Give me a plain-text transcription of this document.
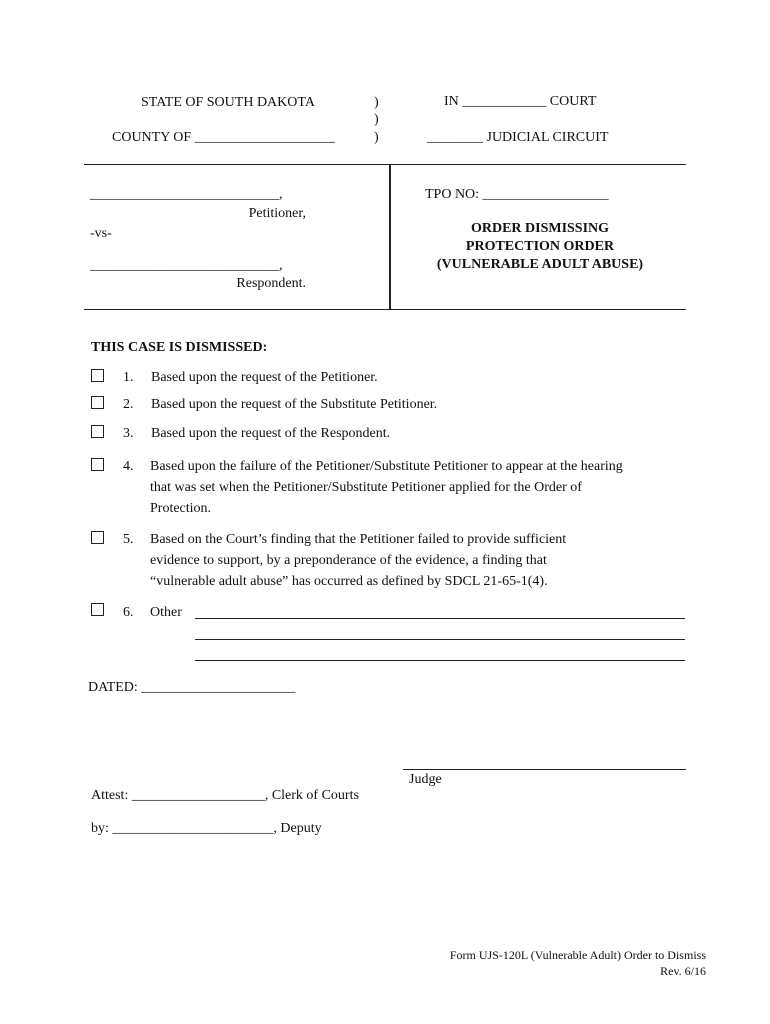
STATE OF SOUTH DAKOTA
COUNTY OF ____________________
)
)
)
IN ____________ COURT
________ JUDICIAL CIRCUIT
___________________________,
Petitioner,
-vs-
___________________________,
Respondent.
TPO NO: __________________
ORDER DISMISSING
PROTECTION ORDER
(VULNERABLE ADULT ABUSE)
THIS CASE IS DISMISSED:
1. Based upon the request of the Petitioner.
2. Based upon the request of the Substitute Petitioner.
3. Based upon the request of the Respondent.
4. Based upon the failure of the Petitioner/Substitute Petitioner to appear at the hearing
that was set when the Petitioner/Substitute Petitioner applied for the Order of
Protection.
5. Based on the Court’s finding that the Petitioner failed to provide sufficient
evidence to support, by a preponderance of the evidence, a finding that
“vulnerable adult abuse” has occurred as defined by SDCL 21-65-1(4).
6. Other
DATED: ______________________
Judge
Attest: ___________________, Clerk of Courts
by: _______________________, Deputy
Form UJS-120L (Vulnerable Adult) Order to Dismiss
Rev. 6/16
